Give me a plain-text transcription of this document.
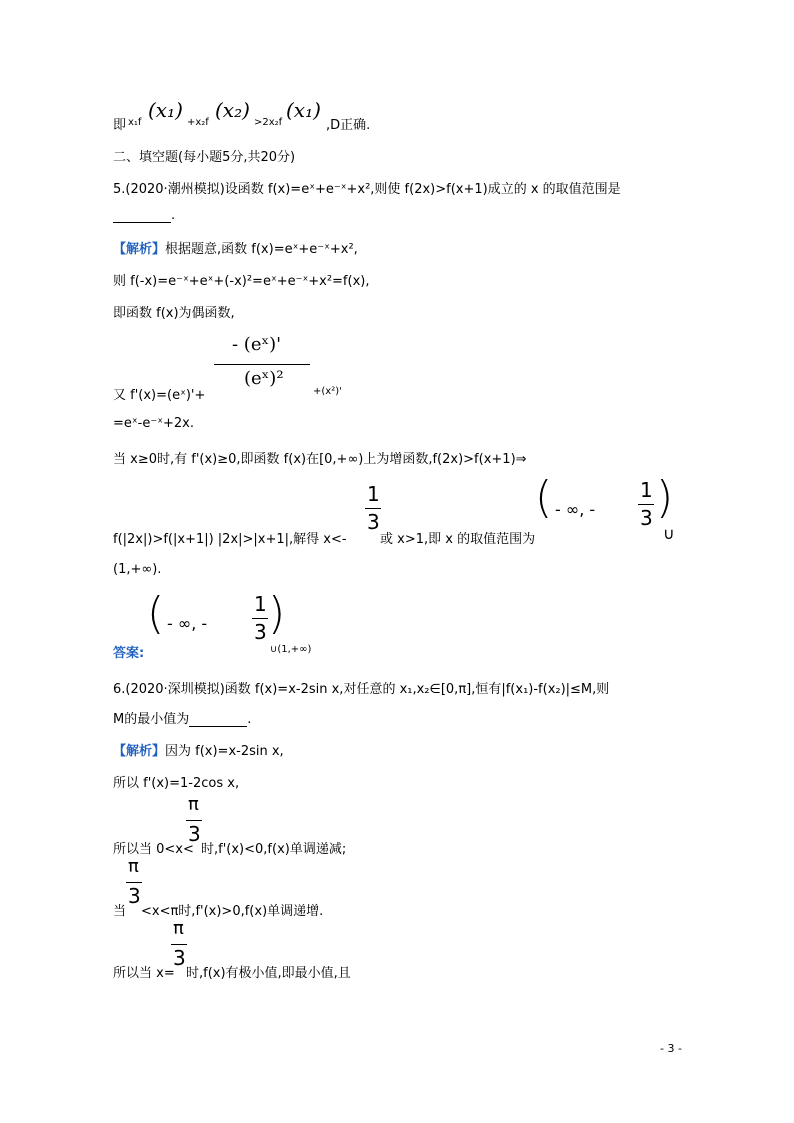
即 x₁f
(x₁)
+x₂f
(x₂)
>2x₂f
(x₁)
,D正确.
二、填空题(每小题5分,共20分)
5.(2020·潮州模拟)设函数 f(x)=eˣ+e⁻ˣ+x²,则使 f(2x)>f(x+1)成立的 x 的取值范围是
.
【解析】根据题意,函数 f(x)=eˣ+e⁻ˣ+x²,
则 f(-x)=e⁻ˣ+eˣ+(-x)²=eˣ+e⁻ˣ+x²=f(x),
即函数 f(x)为偶函数,
- (eˣ)'
(eˣ)²
又 f'(x)=(eˣ)'+	+(x²)'
=eˣ-e⁻ˣ+2x.
当 x≥0时,有 f'(x)≥0,即函数 f(x)在[0,+∞)上为增函数,f(2x)>f(x+1)⇒
1
3
f(|2x|)>f(|x+1|) |2x|>|x+1|,解得 x<-	或 x>1,即 x 的取值范围为
( - ∞, -
1
3 )
∪
(1,+∞).
( - ∞, -
1
3 )
答案:	∪(1,+∞)
6.(2020·深圳模拟)函数 f(x)=x-2sin x,对任意的 x₁,x₂∈[0,π],恒有|f(x₁)-f(x₂)|≤M,则
M的最小值为	.
【解析】因为 f(x)=x-2sin x,
所以 f'(x)=1-2cos x,
π
3
所以当 0<x< 时,f'(x)<0,f(x)单调递减;
π
3
当 <x<π时,f'(x)>0,f(x)单调递增.
π
3
所以当 x= 时,f(x)有极小值,即最小值,且
- 3 -
